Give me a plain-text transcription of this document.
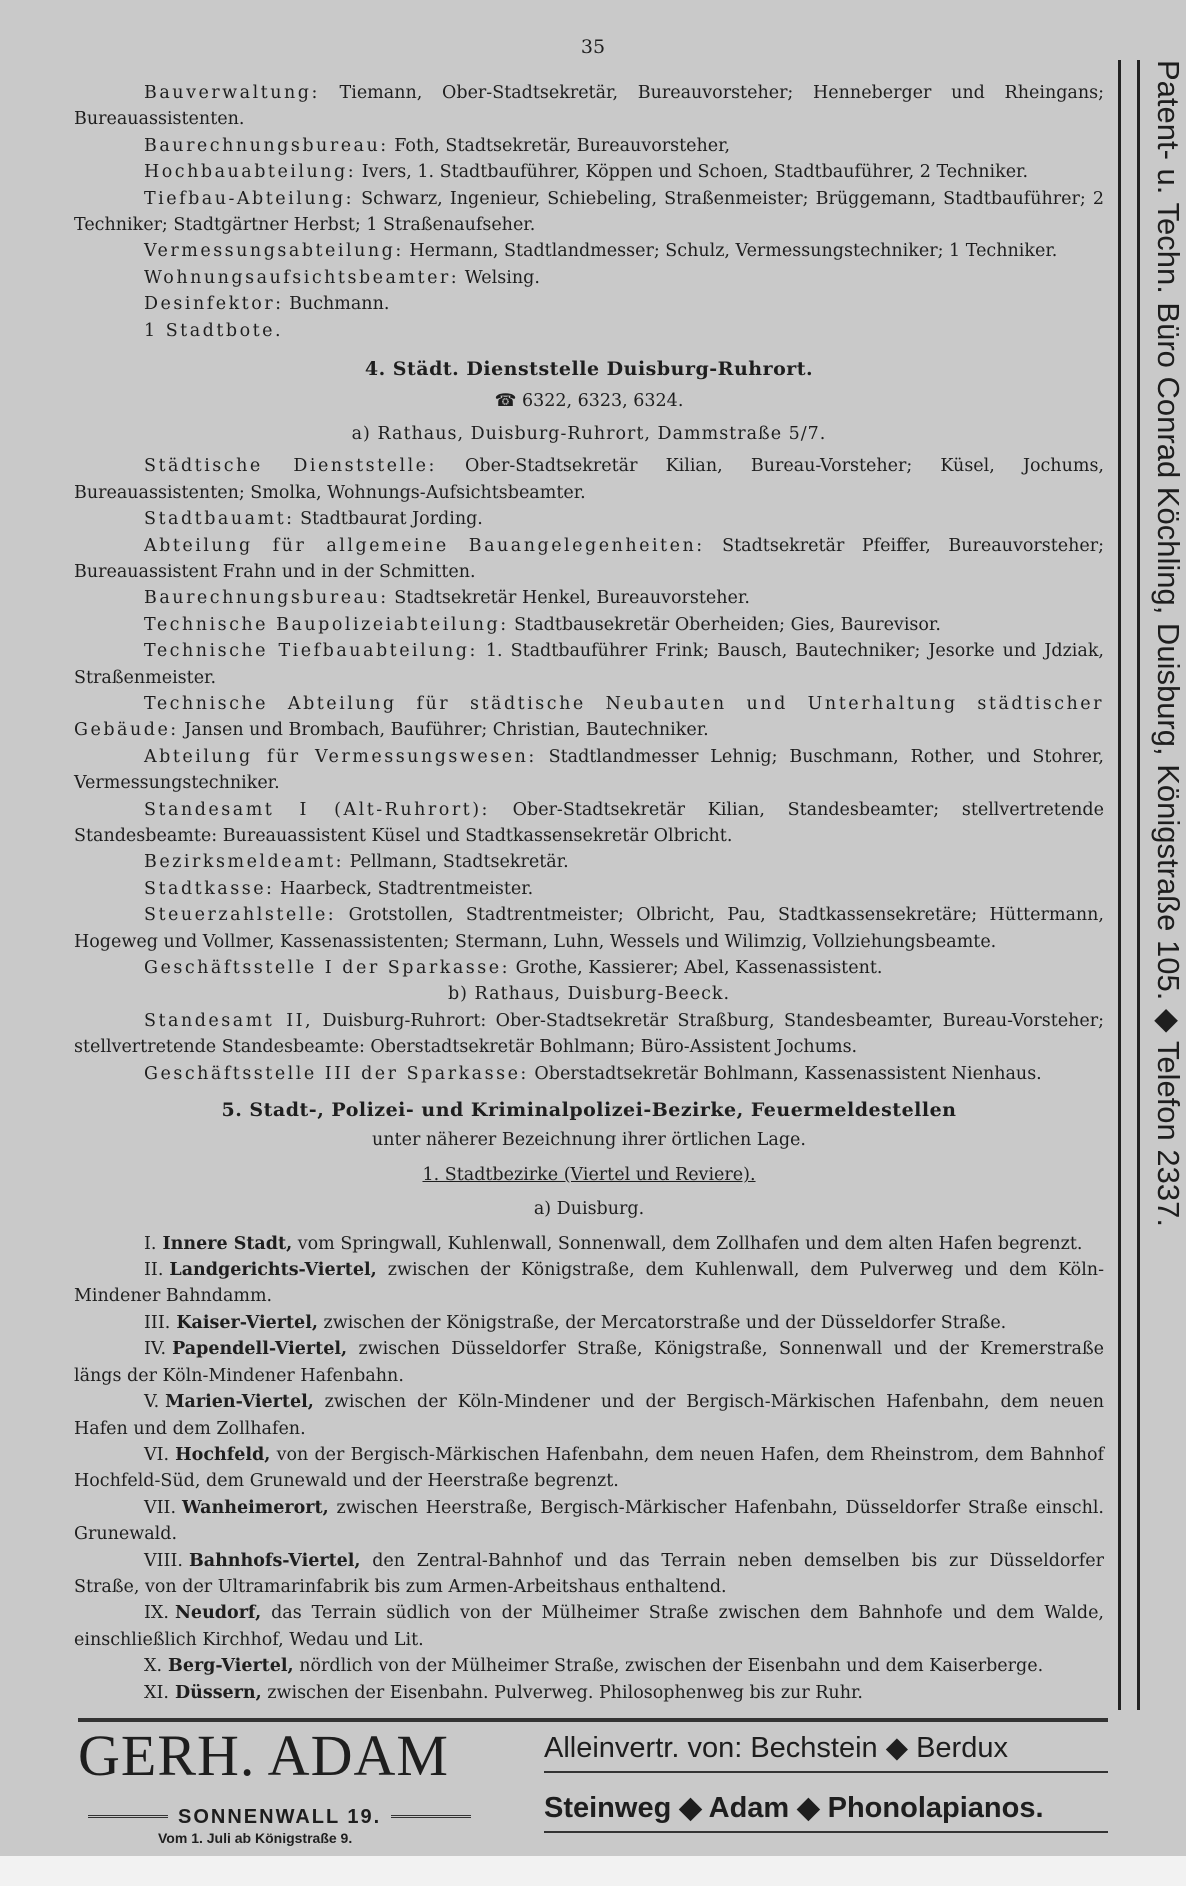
35

Bauverwaltung: Tiemann, Ober-Stadtsekretär, Bureauvorsteher; Henneberger und Rheingans; Bureauassistenten.

Baurechnungsbureau: Foth, Stadtsekretär, Bureauvorsteher,

Hochbauabteilung: Ivers, 1. Stadtbauführer, Köppen und Schoen, Stadtbauführer, 2 Techniker.

Tiefbau-Abteilung: Schwarz, Ingenieur, Schiebeling, Straßenmeister; Brüggemann, Stadtbauführer; 2 Techniker; Stadtgärtner Herbst; 1 Straßenaufseher.

Vermessungsabteilung: Hermann, Stadtlandmesser; Schulz, Vermessungstechniker; 1 Techniker.

Wohnungsaufsichtsbeamter: Welsing.

Desinfektor: Buchmann.

1 Stadtbote.

4. Städt. Dienststelle Duisburg-Ruhrort.

☎ 6322, 6323, 6324.

a) Rathaus, Duisburg-Ruhrort, Dammstraße 5/7.

Städtische Dienststelle: Ober-Stadtsekretär Kilian, Bureau-Vorsteher; Küsel, Jochums, Bureauassistenten; Smolka, Wohnungs-Aufsichtsbeamter.

Stadtbauamt: Stadtbaurat Jording.

Abteilung für allgemeine Bauangelegenheiten: Stadtsekretär Pfeiffer, Bureauvorsteher; Bureauassistent Frahn und in der Schmitten.

Baurechnungsbureau: Stadtsekretär Henkel, Bureauvorsteher.

Technische Baupolizeiabteilung: Stadtbausekretär Oberheiden; Gies, Baurevisor.

Technische Tiefbauabteilung: 1. Stadtbauführer Frink; Bausch, Bautechniker; Jesorke und Jdziak, Straßenmeister.

Technische Abteilung für städtische Neubauten und Unterhaltung städtischer Gebäude: Jansen und Brombach, Bauführer; Christian, Bautechniker.

Abteilung für Vermessungswesen: Stadtlandmesser Lehnig; Buschmann, Rother, und Stohrer, Vermessungstechniker.

Standesamt I (Alt-Ruhrort): Ober-Stadtsekretär Kilian, Standesbeamter; stellvertretende Standesbeamte: Bureauassistent Küsel und Stadtkassensekretär Olbricht.

Bezirksmeldeamt: Pellmann, Stadtsekretär.

Stadtkasse: Haarbeck, Stadtrentmeister.

Steuerzahlstelle: Grotstollen, Stadtrentmeister; Olbricht, Pau, Stadtkassensekretäre; Hüttermann, Hogeweg und Vollmer, Kassenassistenten; Stermann, Luhn, Wessels und Wilimzig, Vollziehungsbeamte.

Geschäftsstelle I der Sparkasse: Grothe, Kassierer; Abel, Kassenassistent.

b) Rathaus, Duisburg-Beeck.

Standesamt II, Duisburg-Ruhrort: Ober-Stadtsekretär Straßburg, Standesbeamter, Bureau-Vorsteher; stellvertretende Standesbeamte: Oberstadtsekretär Bohlmann; Büro-Assistent Jochums.

Geschäftsstelle III der Sparkasse: Oberstadtsekretär Bohlmann, Kassenassistent Nienhaus.

5. Stadt-, Polizei- und Kriminalpolizei-Bezirke, Feuermeldestellen

unter näherer Bezeichnung ihrer örtlichen Lage.

1. Stadtbezirke (Viertel und Reviere).

a) Duisburg.

I. Innere Stadt, vom Springwall, Kuhlenwall, Sonnenwall, dem Zollhafen und dem alten Hafen begrenzt.

II. Landgerichts-Viertel, zwischen der Königstraße, dem Kuhlenwall, dem Pulverweg und dem Köln-Mindener Bahndamm.

III. Kaiser-Viertel, zwischen der Königstraße, der Mercatorstraße und der Düsseldorfer Straße.

IV. Papendell-Viertel, zwischen Düsseldorfer Straße, Königstraße, Sonnenwall und der Kremerstraße längs der Köln-Mindener Hafenbahn.

V. Marien-Viertel, zwischen der Köln-Mindener und der Bergisch-Märkischen Hafenbahn, dem neuen Hafen und dem Zollhafen.

VI. Hochfeld, von der Bergisch-Märkischen Hafenbahn, dem neuen Hafen, dem Rheinstrom, dem Bahnhof Hochfeld-Süd, dem Grunewald und der Heerstraße begrenzt.

VII. Wanheimerort, zwischen Heerstraße, Bergisch-Märkischer Hafenbahn, Düsseldorfer Straße einschl. Grunewald.

VIII. Bahnhofs-Viertel, den Zentral-Bahnhof und das Terrain neben demselben bis zur Düsseldorfer Straße, von der Ultramarinfabrik bis zum Armen-Arbeitshaus enthaltend.

IX. Neudorf, das Terrain südlich von der Mülheimer Straße zwischen dem Bahnhofe und dem Walde, einschließlich Kirchhof, Wedau und Lit.

X. Berg-Viertel, nördlich von der Mülheimer Straße, zwischen der Eisenbahn und dem Kaiserberge.

XI. Düssern, zwischen der Eisenbahn. Pulverweg. Philosophenweg bis zur Ruhr.

Patent- u. Techn. Büro Conrad Köchling, Duisburg, Königstraße 105. ◆ Telefon 2337.
GERH. ADAM
SONNENWALL 19.
Vom 1. Juli ab Königstraße 9.
Alleinvertr. von: Bechstein ◆ Berdux
Steinweg ◆ Adam ◆ Phonolapianos.
